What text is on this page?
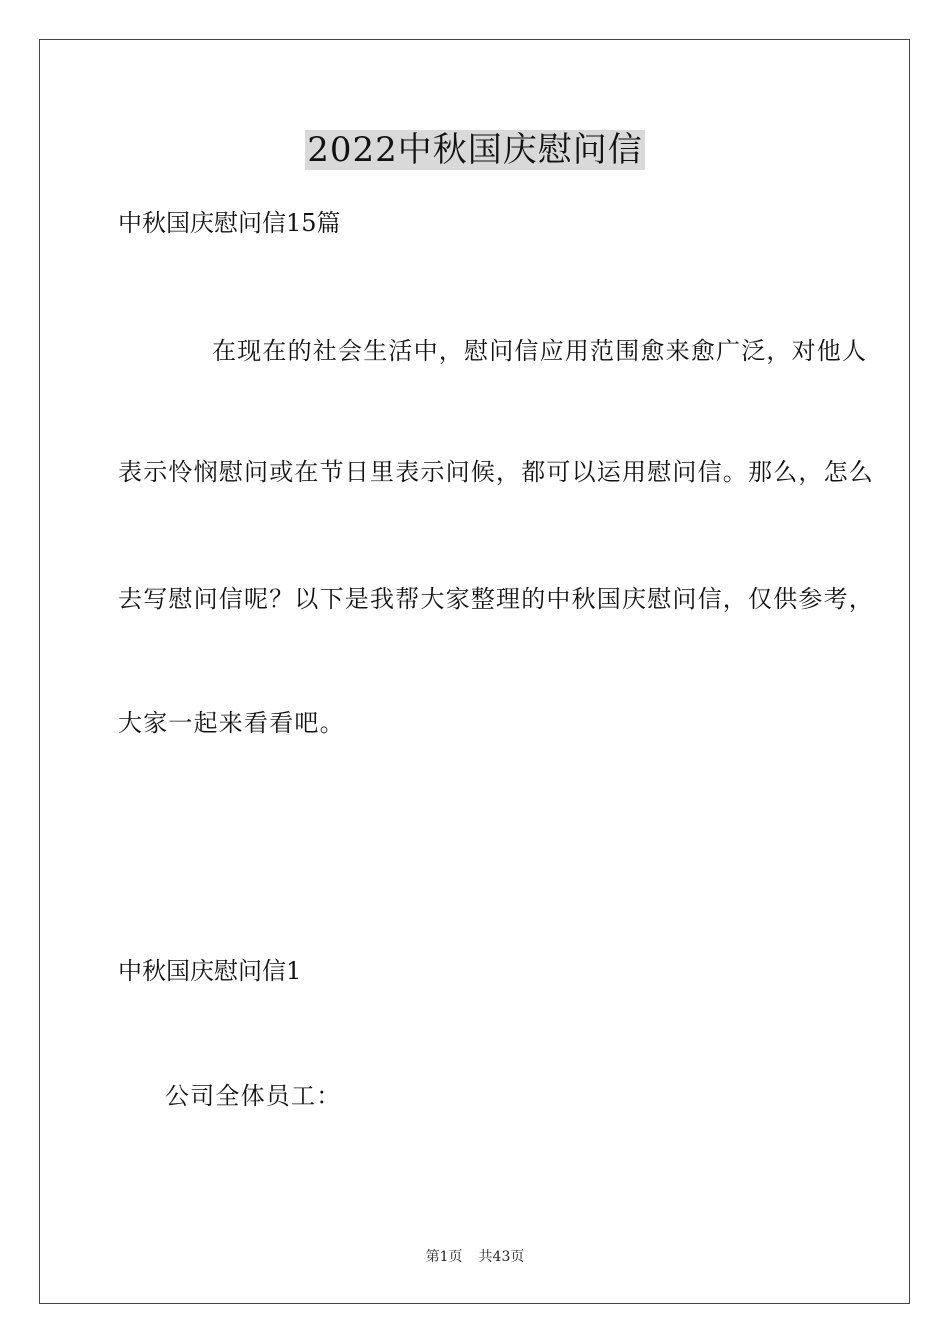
2022中秋国庆慰问信
中秋国庆慰问信15篇
在现在的社会生活中，慰问信应用范围愈来愈广泛，对他人
表示怜悯慰问或在节日里表示问候，都可以运用慰问信。那么，怎么
去写慰问信呢？以下是我帮大家整理的中秋国庆慰问信，仅供参考，
大家一起来看看吧。
中秋国庆慰问信1
公司全体员工：
第1页 共43页
